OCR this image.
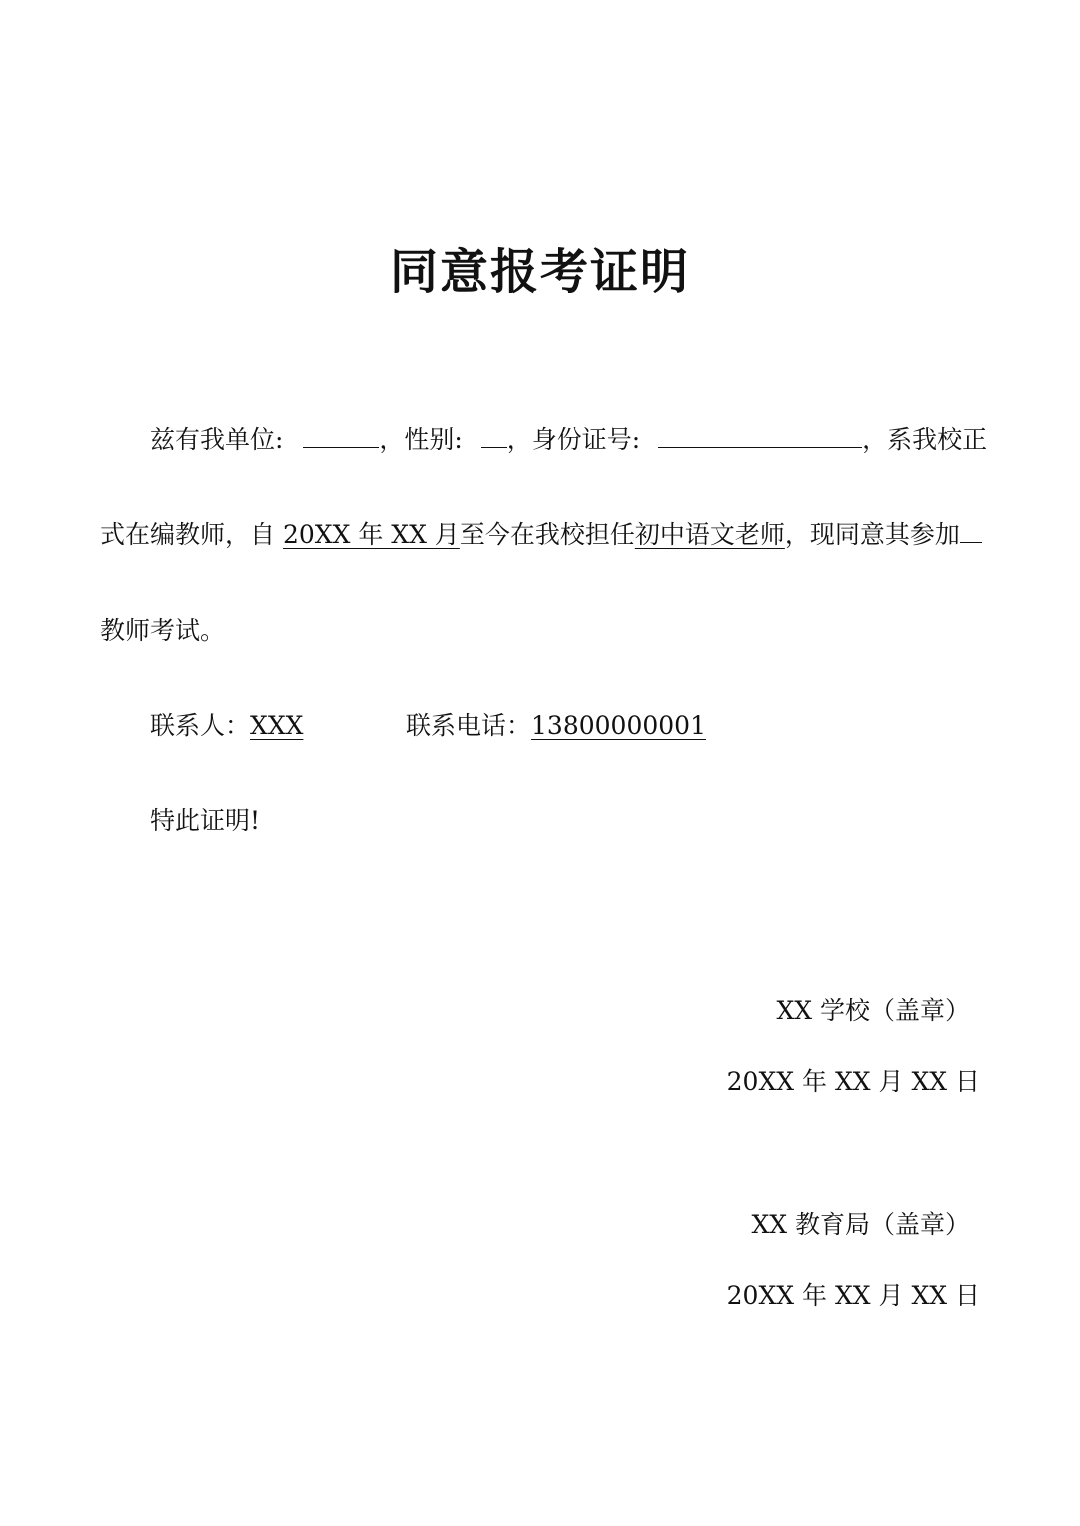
同意报考证明
兹有我单位:	，性别: ，身份证号:	，系我校正
式在编教师，自 20XX 年 XX 月至今在我校担任初中语文老师，现同意其参加
教师考试。
联系人：XXX	联系电话：13800000001
特此证明!
XX 学校（盖章）
20XX 年 XX 月 XX 日
XX 教育局（盖章）
20XX 年 XX 月 XX 日
